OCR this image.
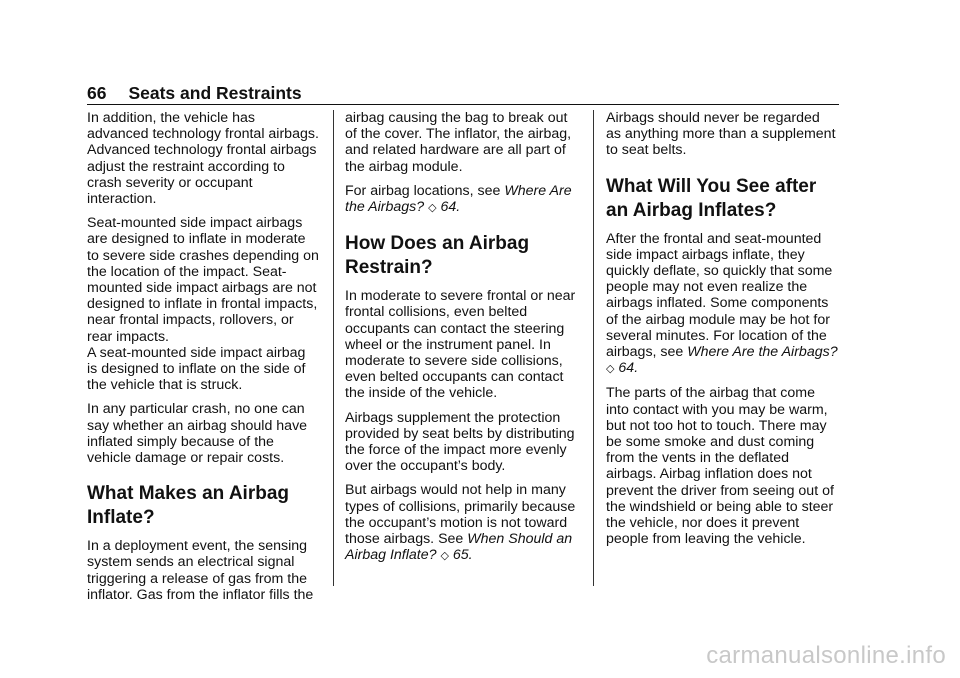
66 Seats and Restraints

In addition, the vehicle has advanced technology frontal airbags. Advanced technology frontal airbags adjust the restraint according to crash severity or occupant interaction.

Seat-mounted side impact airbags are designed to inflate in moderate to severe side crashes depending on the location of the impact. Seat-mounted side impact airbags are not designed to inflate in frontal impacts, near frontal impacts, rollovers, or rear impacts.

A seat-mounted side impact airbag is designed to inflate on the side of the vehicle that is struck.

In any particular crash, no one can say whether an airbag should have inflated simply because of the vehicle damage or repair costs.

What Makes an Airbag Inflate?

In a deployment event, the sensing system sends an electrical signal triggering a release of gas from the inflator. Gas from the inflator fills the

airbag causing the bag to break out of the cover. The inflator, the airbag, and related hardware are all part of the airbag module.

For airbag locations, see Where Are the Airbags? ◇ 64.

How Does an Airbag Restrain?

In moderate to severe frontal or near frontal collisions, even belted occupants can contact the steering wheel or the instrument panel. In moderate to severe side collisions, even belted occupants can contact the inside of the vehicle.

Airbags supplement the protection provided by seat belts by distributing the force of the impact more evenly over the occupant’s body.

But airbags would not help in many types of collisions, primarily because the occupant’s motion is not toward those airbags. See When Should an Airbag Inflate? ◇ 65.

Airbags should never be regarded as anything more than a supplement to seat belts.

What Will You See after an Airbag Inflates?

After the frontal and seat-mounted side impact airbags inflate, they quickly deflate, so quickly that some people may not even realize the airbags inflated. Some components of the airbag module may be hot for several minutes. For location of the airbags, see Where Are the Airbags? ◇ 64.

The parts of the airbag that come into contact with you may be warm, but not too hot to touch. There may be some smoke and dust coming from the vents in the deflated airbags. Airbag inflation does not prevent the driver from seeing out of the windshield or being able to steer the vehicle, nor does it prevent people from leaving the vehicle.

carmanualsonline.info
